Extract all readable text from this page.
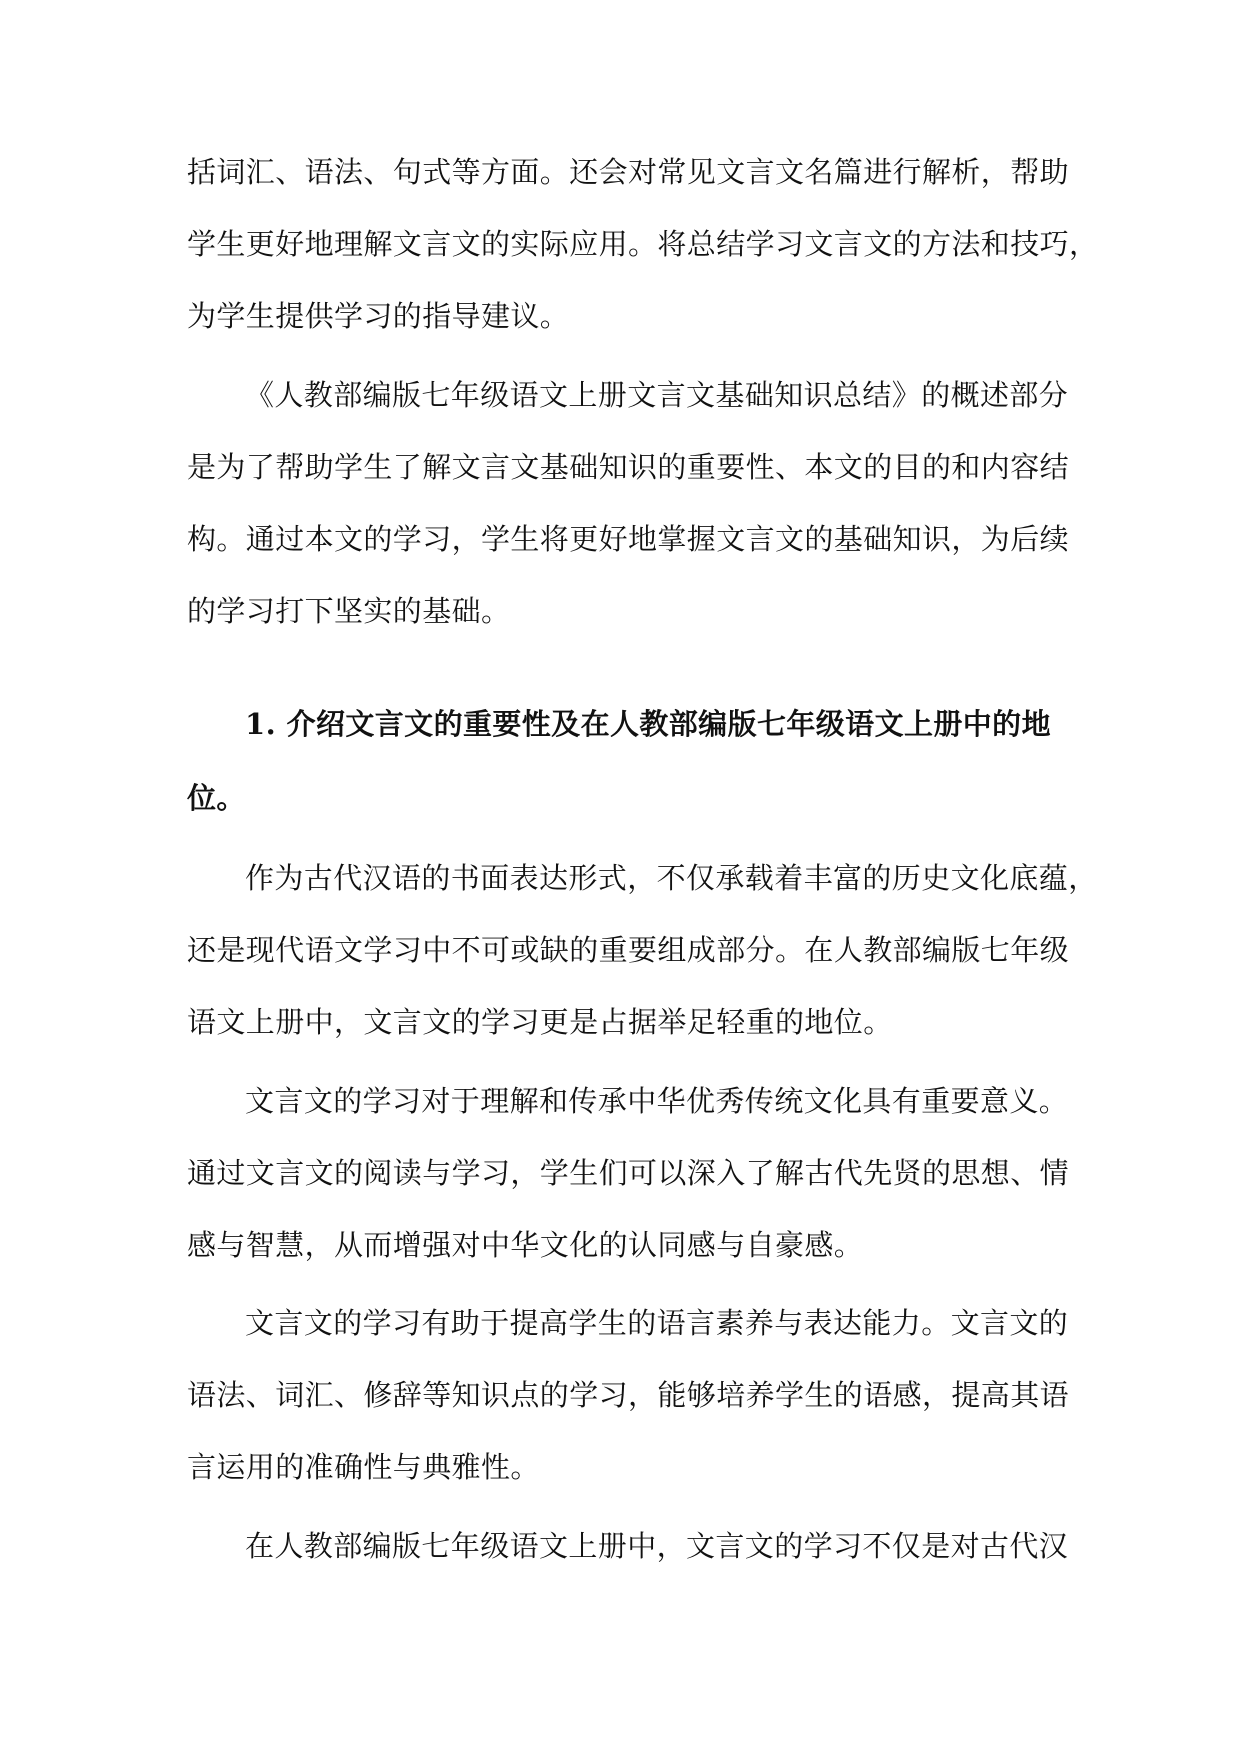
括词汇、语法、句式等方面。还会对常见文言文名篇进行解析，帮助
学生更好地理解文言文的实际应用。将总结学习文言文的方法和技巧，
为学生提供学习的指导建议。
《人教部编版七年级语文上册文言文基础知识总结》的概述部分
是为了帮助学生了解文言文基础知识的重要性、本文的目的和内容结
构。通过本文的学习，学生将更好地掌握文言文的基础知识，为后续
的学习打下坚实的基础。
1. 介绍文言文的重要性及在人教部编版七年级语文上册中的地
位。
作为古代汉语的书面表达形式，不仅承载着丰富的历史文化底蕴，
还是现代语文学习中不可或缺的重要组成部分。在人教部编版七年级
语文上册中，文言文的学习更是占据举足轻重的地位。
文言文的学习对于理解和传承中华优秀传统文化具有重要意义。
通过文言文的阅读与学习，学生们可以深入了解古代先贤的思想、情
感与智慧，从而增强对中华文化的认同感与自豪感。
文言文的学习有助于提高学生的语言素养与表达能力。文言文的
语法、词汇、修辞等知识点的学习，能够培养学生的语感，提高其语
言运用的准确性与典雅性。
在人教部编版七年级语文上册中，文言文的学习不仅是对古代汉
